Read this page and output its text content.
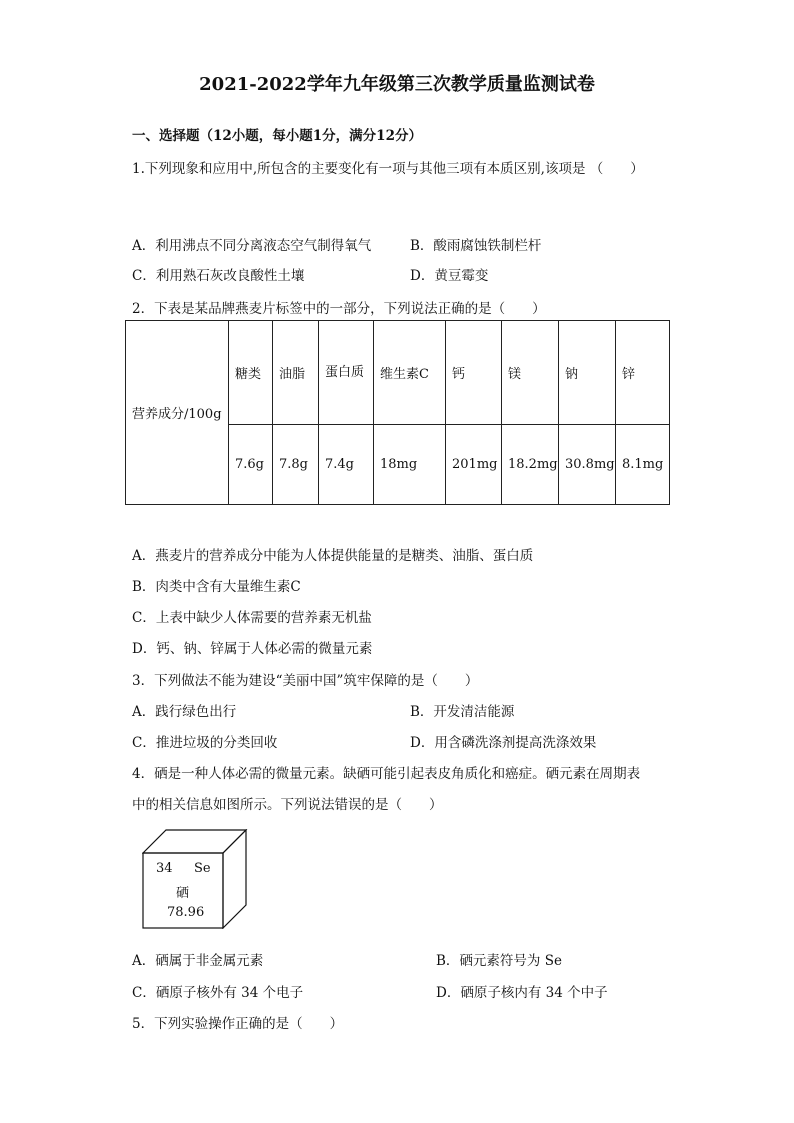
2021-2022学年九年级第三次教学质量监测试卷
一、选择题（12小题，每小题1分，满分12分）
1.下列现象和应用中,所包含的主要变化有一项与其他三项有本质区别,该项是 （　　）
A．利用沸点不同分离液态空气制得氧气	B．酸雨腐蚀铁制栏杆
C．利用熟石灰改良酸性土壤	D．黄豆霉变
2．下表是某品牌燕麦片标签中的一部分，下列说法正确的是（　　）
营养成分/100g	糖类	油脂	蛋白质	维生素C	钙	镁	钠	锌
	7.6g	7.8g	7.4g	18mg	201mg	18.2mg	30.8mg	8.1mg
A．燕麦片的营养成分中能为人体提供能量的是糖类、油脂、蛋白质
B．肉类中含有大量维生素C
C．上表中缺少人体需要的营养素无机盐
D．钙、钠、锌属于人体必需的微量元素
3．下列做法不能为建设“美丽中国”筑牢保障的是（　　）
A．践行绿色出行	B．开发清洁能源
C．推进垃圾的分类回收	D．用含磷洗涤剂提高洗涤效果
4．硒是一种人体必需的微量元素。缺硒可能引起表皮角质化和癌症。硒元素在周期表
中的相关信息如图所示。下列说法错误的是（　　）
34 Se
硒
78.96
A．硒属于非金属元素	B．硒元素符号为 Se
C．硒原子核外有 34 个电子	D．硒原子核内有 34 个中子
5．下列实验操作正确的是（　　）
